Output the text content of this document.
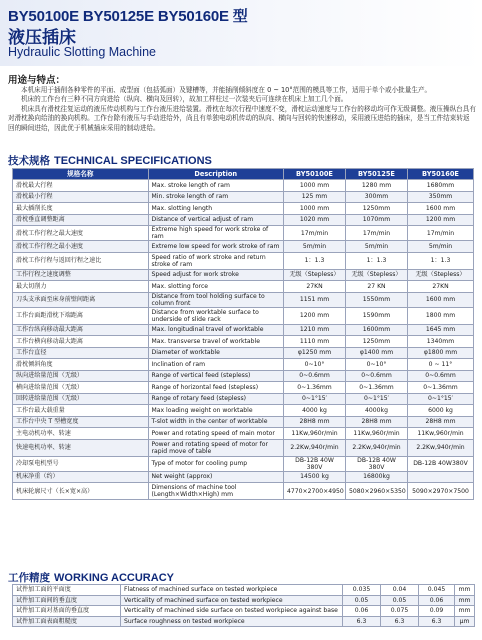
BY50100E BY50125E BY50160E 型
液压插床
Hydraulic Slotting Machine
用途与特点：

本机床用于插削各种零件的平面、成型面（包括弧面）及键槽等，并能插削倾斜度在 0 ~ 10°范围的模具等工作，适用于单个或小批量生产。

机床的工作台有三种不同方向进给（纵向、横向及回转），故加工样柱过一次装夹后可连续在机床上加工几个面。

机床具有滑枕往复运动的液压传动机构与工作台液压进给装置。滑枕在每次行程中速度不变，滑枕运动速度与工作台的移动均可作无级调整。液压操纵台具有对滑枕换向给油的换向机构。工作台除有液压与手动进给外，尚且有单独电动机传动的纵向、横向与回转的快速移动，采用液压进给的插床，是当工件结束转返回的瞬间进给，因此优于机械插床采用的制动进给。

技术规格 TECHNICAL SPECIFICATIONS
规格名称	Description	BY50100E	BY50125E	BY50160E
滑枕最大行程	Max. stroke length of ram	1000 mm	1280 mm	1680mm
滑枕最小行程	Min. stroke length of ram	125 mm	300mm	350mm
最大插削长度	Max. slotting length	1000 mm	1250mm	1600 mm
滑枕垂直调整距离	Distance of vertical adjust of ram	1020 mm	1070mm	1200 mm
滑枕工作行程之最大速度	Extreme high speed for work stroke of ram	17m/min	17m/min	17m/min
滑枕工作行程之最小速度	Extreme low speed for work stroke of ram	5m/min	5m/min	5m/min
滑枕工作行程与返回行程之速比	Speed ratio of work stroke and return stroke of ram	1：1.3	1：1.3	1：1.3
工作行程之速度调整	Speed adjust for work stroke	无级（Stepless）	无级（Stepless）	无级（Stepless）
最大切削力	Max. slotting force	27KN	27 KN	27KN
刀头支承面至床身前壁间距离	Distance from tool holding surface to column front	1151 mm	1550mm	1600 mm
工作台面距滑枕下端距离	Distance from worktable surface to underside of slide rack	1200 mm	1590mm	1800 mm
工作台纵向移动最大距离	Max. longitudinal travel of worktable	1210 mm	1600mm	1645 mm
工作台横向移动最大距离	Max. transverse travel of worktable	1110 mm	1250mm	1340mm
工作台直径	Diameter of worktable	φ1250 mm	φ1400 mm	φ1800 mm
滑枕倾斜角度	Inclination of ram	0~10°	0~10°	0 ~ 11°
纵向进给量范围（无级）	Range of vertical feed (stepless)	0~0.6mm	0~0.6mm	0~0.6mm
横向进给量范围（无级）	Range of horizontal feed (stepless)	0~1.36mm	0~1.36mm	0~1.36mm
回转进给量范围（无级）	Range of rotary feed (stepless)	0~1°15′	0~1°15′	0~1°15′
工作台最大载重量	Max loading weight on worktable	4000 kg	4000kg	6000 kg
工作台中央 T 型槽宽度	T-slot width in the center of worktable	28H8 mm	28H8 mm	28H8 mm
主电动机功率、转速	Power and rotating speed of main motor	11Kw,960r/min	11Kw,960r/min	11Kw,960r/min
快速电机功率、转速	Power and rotating speed of motor for rapid move of table	2.2Kw,940r/min	2.2Kw,940r/min	2.2Kw,940r/min
冷却泵电机型号	Type of motor for cooling pump	DB-12B 40W 380V	DB-12B 40W 380V	DB-12B 40W380V
机床净重（约）	Net weight (approx)	14500 kg	16800kg	
机床轮廓尺寸（长×宽×高）	Dimensions of machine tool (Length×Width×High) mm	4770×2700×4950	5080×2960×5350	5090×2970×7500
工作精度 WORKING ACCURACY
试件加工面的平面度	Flatness of machined surface on tested workpiece	0.035	0.04	0.045	mm
试件加工面间的垂直度	Verticality of machined surface on tested workpiece	0.05	0.05	0.06	mm
试件加工面对基面的垂直度	Verticality of machined side surface on tested workpiece against base	0.06	0.075	0.09	mm
试件加工面表面粗糙度	Surface roughness on tested workpiece	6.3	6.3	6.3	μm
